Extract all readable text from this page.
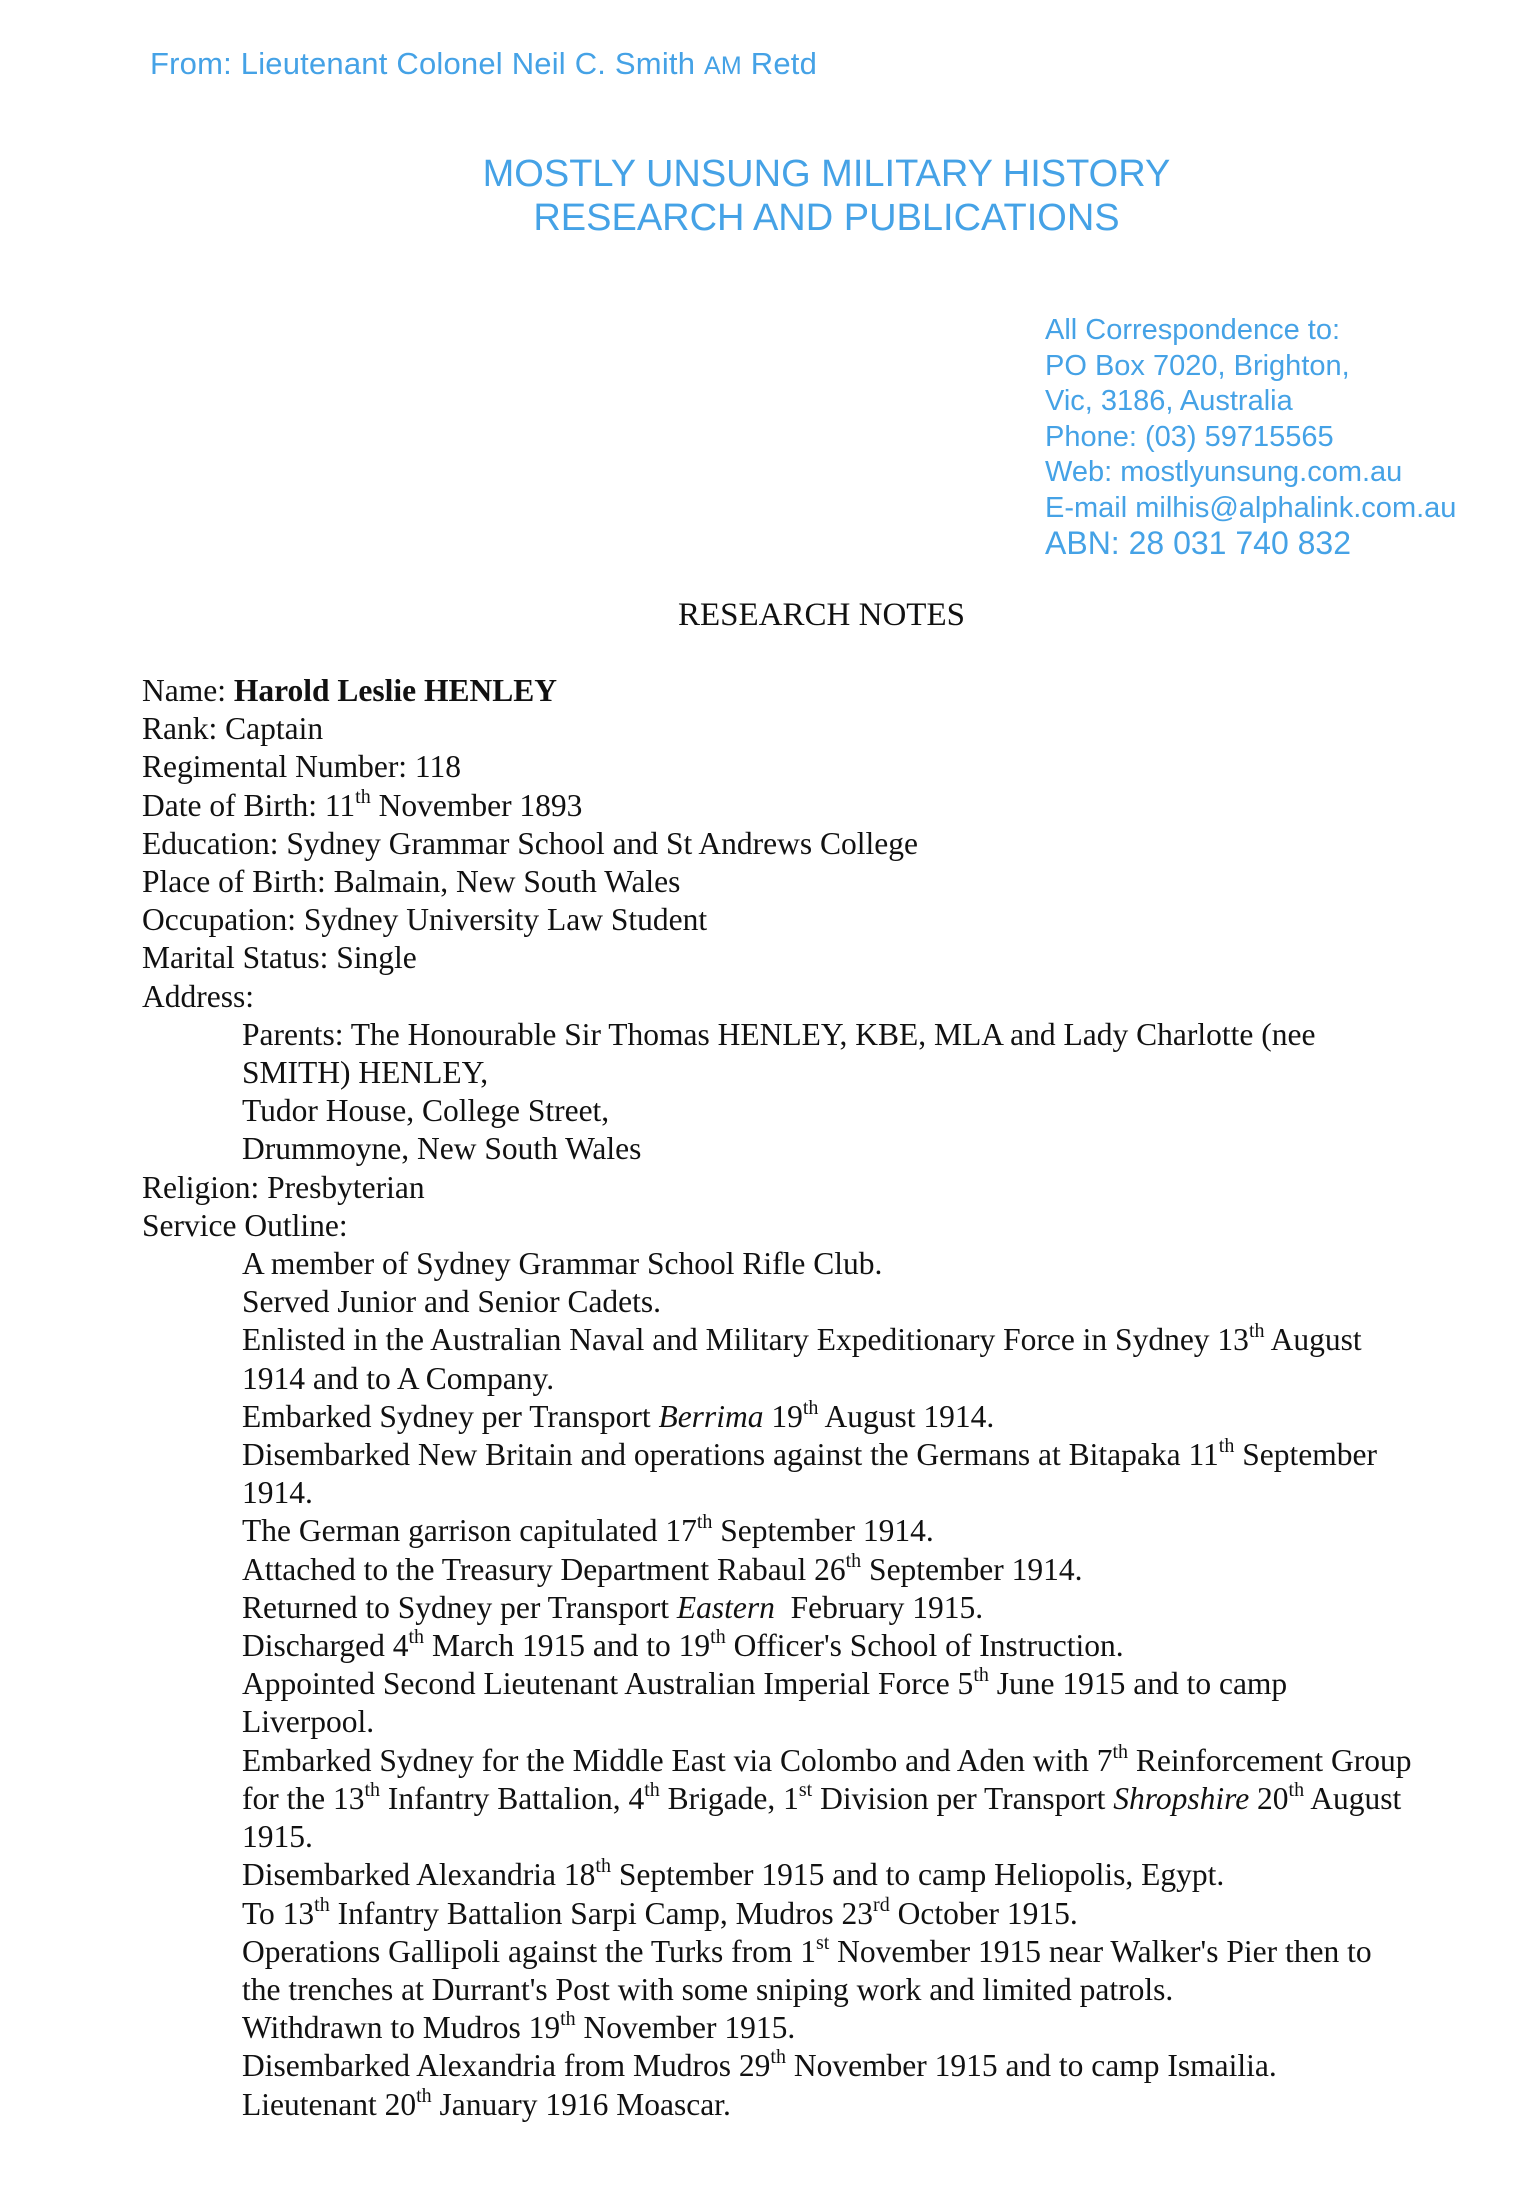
From: Lieutenant Colonel Neil C. Smith AM Retd
MOSTLY UNSUNG MILITARY HISTORY
RESEARCH AND PUBLICATIONS
All Correspondence to:
PO Box 7020, Brighton,
Vic, 3186, Australia
Phone: (03) 59715565
Web: mostlyunsung.com.au
E-mail milhis@alphalink.com.au
ABN: 28 031 740 832
RESEARCH NOTES
Name: Harold Leslie HENLEY
Rank: Captain
Regimental Number: 118
Date of Birth: 11th November 1893
Education: Sydney Grammar School and St Andrews College
Place of Birth: Balmain, New South Wales
Occupation: Sydney University Law Student
Marital Status: Single
Address:
Parents: The Honourable Sir Thomas HENLEY, KBE, MLA and Lady Charlotte (nee
SMITH) HENLEY,
Tudor House, College Street,
Drummoyne, New South Wales
Religion: Presbyterian
Service Outline:
A member of Sydney Grammar School Rifle Club.
Served Junior and Senior Cadets.
Enlisted in the Australian Naval and Military Expeditionary Force in Sydney 13th August
1914 and to A Company.
Embarked Sydney per Transport Berrima 19th August 1914.
Disembarked New Britain and operations against the Germans at Bitapaka 11th September
1914.
The German garrison capitulated 17th September 1914.
Attached to the Treasury Department Rabaul 26th September 1914.
Returned to Sydney per Transport Eastern  February 1915.
Discharged 4th March 1915 and to 19th Officer's School of Instruction.
Appointed Second Lieutenant Australian Imperial Force 5th June 1915 and to camp
Liverpool.
Embarked Sydney for the Middle East via Colombo and Aden with 7th Reinforcement Group
for the 13th Infantry Battalion, 4th Brigade, 1st Division per Transport Shropshire 20th August
1915.
Disembarked Alexandria 18th September 1915 and to camp Heliopolis, Egypt.
To 13th Infantry Battalion Sarpi Camp, Mudros 23rd October 1915.
Operations Gallipoli against the Turks from 1st November 1915 near Walker's Pier then to
the trenches at Durrant's Post with some sniping work and limited patrols.
Withdrawn to Mudros 19th November 1915.
Disembarked Alexandria from Mudros 29th November 1915 and to camp Ismailia.
Lieutenant 20th January 1916 Moascar.
